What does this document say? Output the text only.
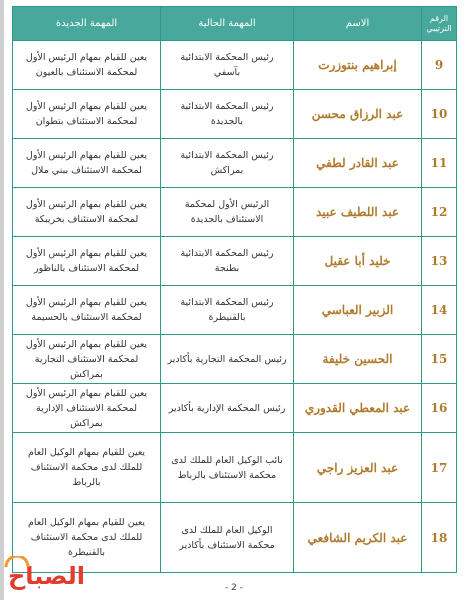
الرقم الترتيبي	الاسم	المهمة الحالية	المهمة الجديدة
9	إبراهيم بنتوزرت	رئيس المحكمة الابتدائية بآسفي	يعين للقيام بمهام الرئيس الأول لمحكمة الاستئناف بالعيون
10	عبد الرزاق محسن	رئيس المحكمة الابتدائية بالجديدة	يعين للقيام بمهام الرئيس الأول لمحكمة الاستئناف بتطوان
11	عبد القادر لطفي	رئيس المحكمة الابتدائية بمراكش	يعين للقيام بمهام الرئيس الأول لمحكمة الاستئناف ببني ملال
12	عبد اللطيف عبيد	الرئيس الأول لمحكمة الاستئناف بالجديدة	يعين للقيام بمهام الرئيس الأول لمحكمة الاستئناف بخريبكة
13	خليد أبا عقيل	رئيس المحكمة الابتدائية بطنجة	يعين للقيام بمهام الرئيس الأول لمحكمة الاستئناف بالناظور
14	الزبير العباسي	رئيس المحكمة الابتدائية بالقنيطرة	يعين للقيام بمهام الرئيس الأول لمحكمة الاستئناف بالحسيمة
15	الحسين خليفة	رئيس المحكمة التجارية بأكادير	يعين للقيام بمهام الرئيس الأول لمحكمة الاستئناف التجارية بمراكش
16	عبد المعطي القدوري	رئيس المحكمة الإدارية بأكادير	يعين للقيام بمهام الرئيس الأول لمحكمة الاستئناف الإدارية بمراكش
17	عبد العزيز راجي	نائب الوكيل العام للملك لدى محكمة الاستئناف بالرباط	يعين للقيام بمهام الوكيل العام للملك لدى محكمة الاستئناف بالرباط
18	عبد الكريم الشافعي	الوكيل العام للملك لدى محكمة الاستئناف بأكادير	يعين للقيام بمهام الوكيل العام للملك لدى محكمة الاستئناف بالقنيطرة
الصباح	- 2 -
